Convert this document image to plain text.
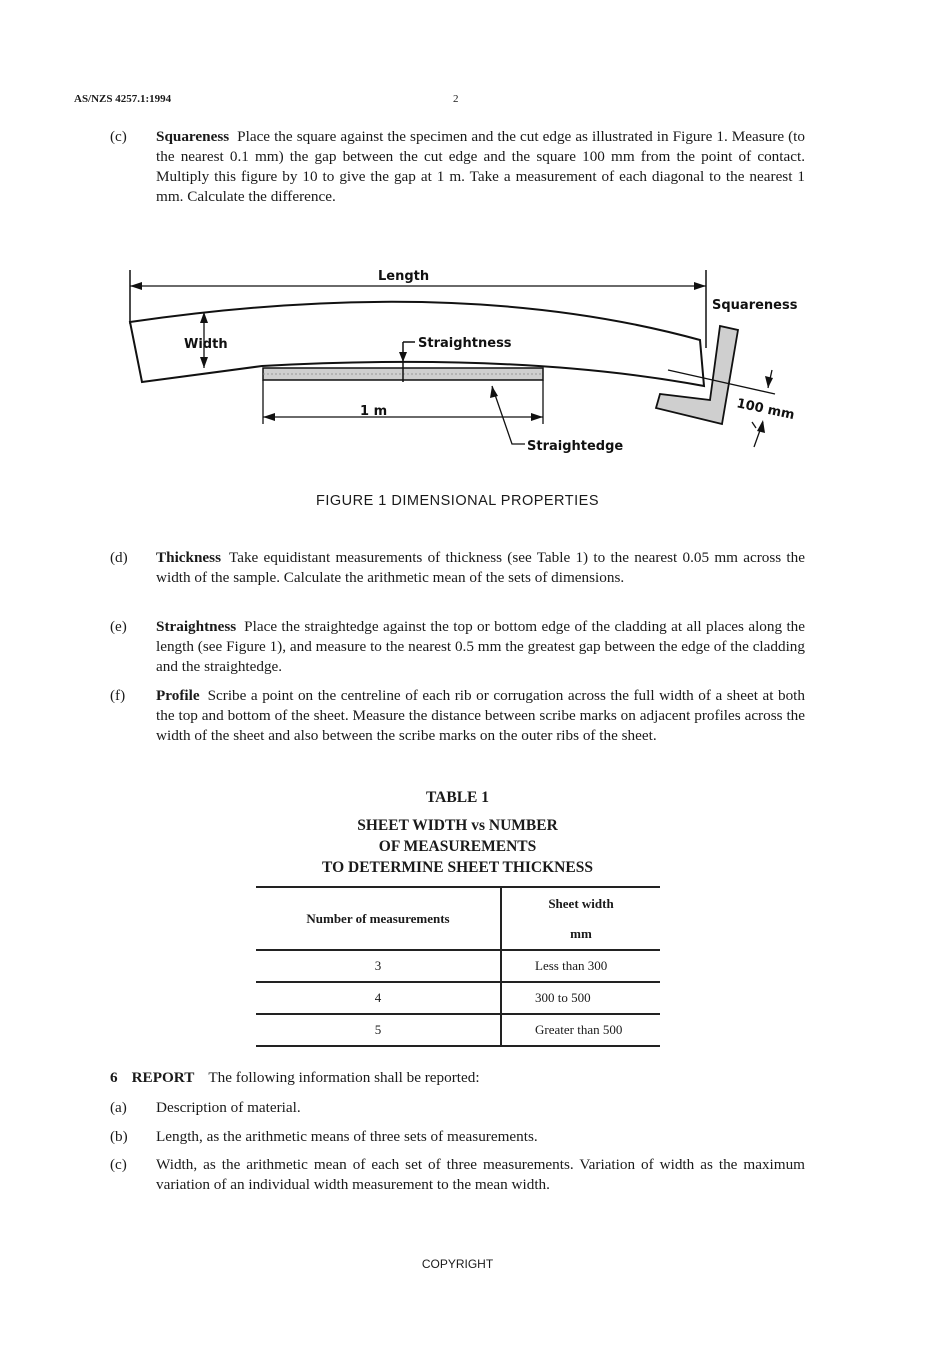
AS/NZS 4257.1:1994	2
(c) Squareness Place the square against the specimen and the cut edge as illustrated in Figure 1. Measure (to the nearest 0.1 mm) the gap between the cut edge and the square 100 mm from the point of contact. Multiply this figure by 10 to give the gap at 1 m. Take a measurement of each diagonal to the nearest 1 mm. Calculate the difference.
Length
Width	Straightness
1 m
Straightedge
Squareness
100 mm
FIGURE 1 DIMENSIONAL PROPERTIES
(d) Thickness Take equidistant measurements of thickness (see Table 1) to the nearest 0.05 mm across the width of the sample. Calculate the arithmetic mean of the sets of dimensions.
(e) Straightness Place the straightedge against the top or bottom edge of the cladding at all places along the length (see Figure 1), and measure to the nearest 0.5 mm the greatest gap between the edge of the cladding and the straightedge.
(f) Profile Scribe a point on the centreline of each rib or corrugation across the full width of a sheet at both the top and bottom of the sheet. Measure the distance between scribe marks on adjacent profiles across the width of the sheet and also between the scribe marks on the outer ribs of the sheet.
TABLE 1
SHEET WIDTH vs NUMBER
OF MEASUREMENTS
TO DETERMINE SHEET THICKNESS
Number of measurements	Sheet width
mm

3	Less than 300
4	300 to 500
5	Greater than 500
6 REPORT The following information shall be reported:
(a) Description of material.
(b) Length, as the arithmetic means of three sets of measurements.
(c) Width, as the arithmetic mean of each set of three measurements. Variation of width as the maximum variation of an individual width measurement to the mean width.
COPYRIGHT
